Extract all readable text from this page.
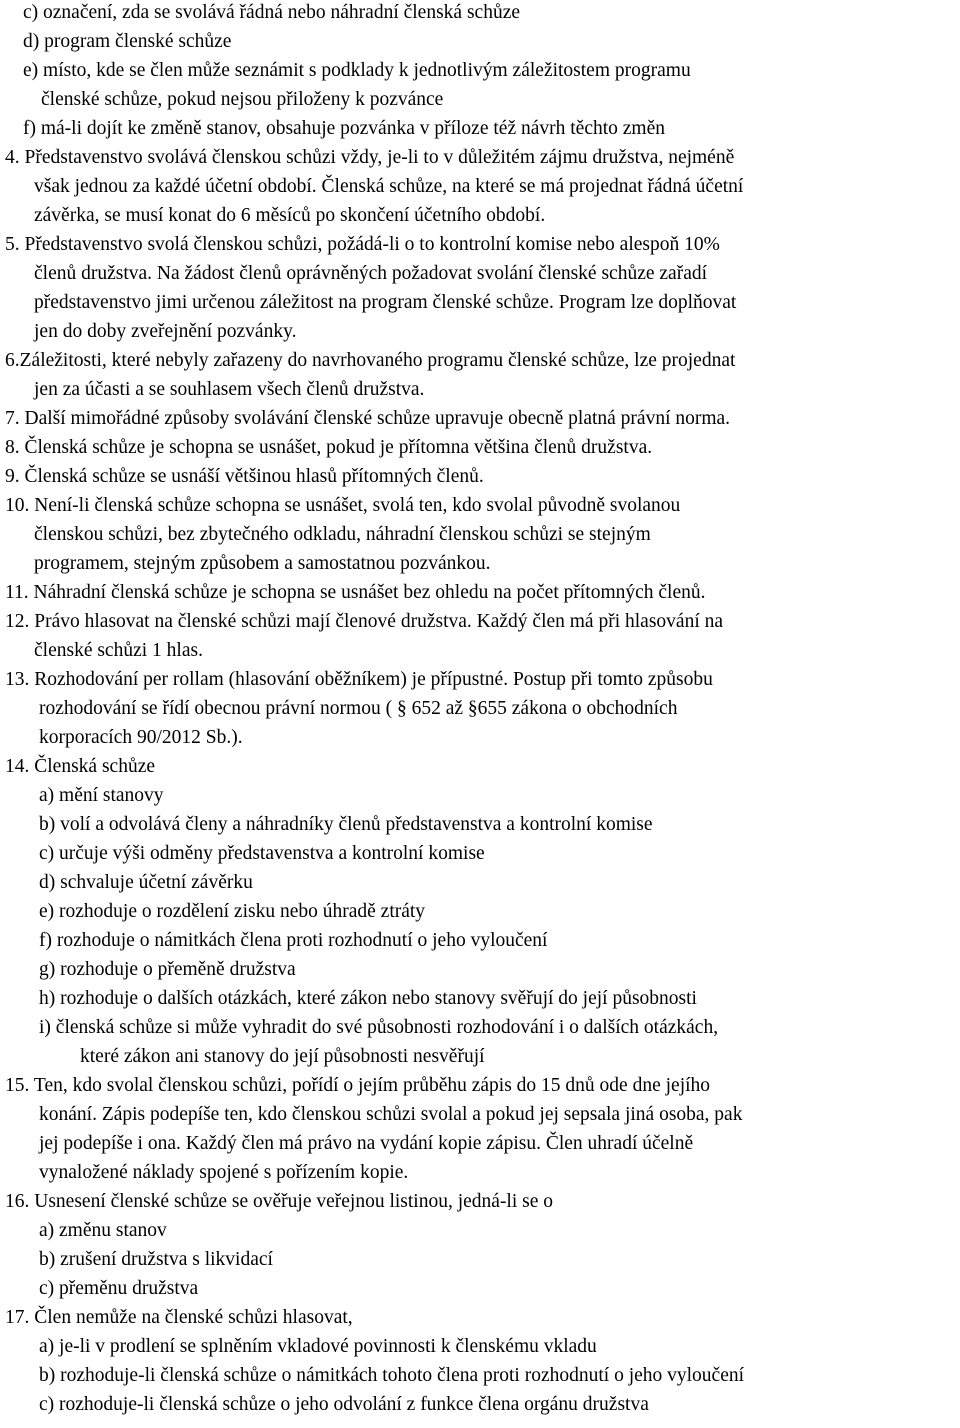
c) označení, zda se svolává řádná nebo náhradní členská schůze
d) program členské schůze
e) místo, kde se člen může seznámit s podklady k jednotlivým záležitostem programu
členské schůze, pokud nejsou přiloženy k pozvánce
f) má-li dojít ke změně stanov, obsahuje pozvánka v příloze též návrh těchto změn
4. Představenstvo svolává členskou schůzi vždy, je-li to v důležitém zájmu družstva, nejméně
však jednou za každé účetní období. Členská schůze, na které se má projednat řádná účetní
závěrka, se musí konat do 6 měsíců po skončení účetního období.
5. Představenstvo svolá členskou schůzi, požádá-li o to kontrolní komise nebo alespoň 10%
členů družstva. Na žádost členů oprávněných požadovat svolání členské schůze zařadí
představenstvo jimi určenou záležitost na program členské schůze. Program lze doplňovat
jen do doby zveřejnění pozvánky.
6.Záležitosti, které nebyly zařazeny do navrhovaného programu členské schůze, lze projednat
jen za účasti a se souhlasem všech členů družstva.
7. Další mimořádné způsoby svolávání členské schůze upravuje obecně platná právní norma.
8. Členská schůze je schopna se usnášet, pokud je přítomna většina členů družstva.
9. Členská schůze se usnáší většinou hlasů přítomných členů.
10. Není-li členská schůze schopna se usnášet, svolá ten, kdo svolal původně svolanou
členskou schůzi, bez zbytečného odkladu, náhradní členskou schůzi se stejným
programem, stejným způsobem a samostatnou pozvánkou.
11. Náhradní členská schůze je schopna se usnášet bez ohledu na počet přítomných členů.
12. Právo hlasovat na členské schůzi mají členové družstva. Každý člen má při hlasování na
členské schůzi 1 hlas.
13. Rozhodování per rollam (hlasování oběžníkem) je přípustné. Postup při tomto způsobu
rozhodování se řídí obecnou právní normou ( § 652 až §655 zákona o obchodních
korporacích 90/2012 Sb.).
14. Členská schůze
a) mění stanovy
b) volí a odvolává členy a náhradníky členů představenstva a kontrolní komise
c) určuje výši odměny představenstva a kontrolní komise
d) schvaluje účetní závěrku
e) rozhoduje o rozdělení zisku nebo úhradě ztráty
f) rozhoduje o námitkách člena proti rozhodnutí o jeho vyloučení
g) rozhoduje o přeměně družstva
h) rozhoduje o dalších otázkách, které zákon nebo stanovy svěřují do její působnosti
i) členská schůze si může vyhradit do své působnosti rozhodování i o dalších otázkách,
které zákon ani stanovy do její působnosti nesvěřují
15. Ten, kdo svolal členskou schůzi, pořídí o jejím průběhu zápis do 15 dnů ode dne jejího
konání. Zápis podepíše ten, kdo členskou schůzi svolal a pokud jej sepsala jiná osoba, pak
jej podepíše i ona. Každý člen má právo na vydání kopie zápisu. Člen uhradí účelně
vynaložené náklady spojené s pořízením kopie.
16. Usnesení členské schůze se ověřuje veřejnou listinou, jedná-li se o
a) změnu stanov
b) zrušení družstva s likvidací
c) přeměnu družstva
17. Člen nemůže na členské schůzi hlasovat,
a) je-li v prodlení se splněním vkladové povinnosti k členskému vkladu
b) rozhoduje-li členská schůze o námitkách tohoto člena proti rozhodnutí o jeho vyloučení
c) rozhoduje-li členská schůze o jeho odvolání z funkce člena orgánu družstva
